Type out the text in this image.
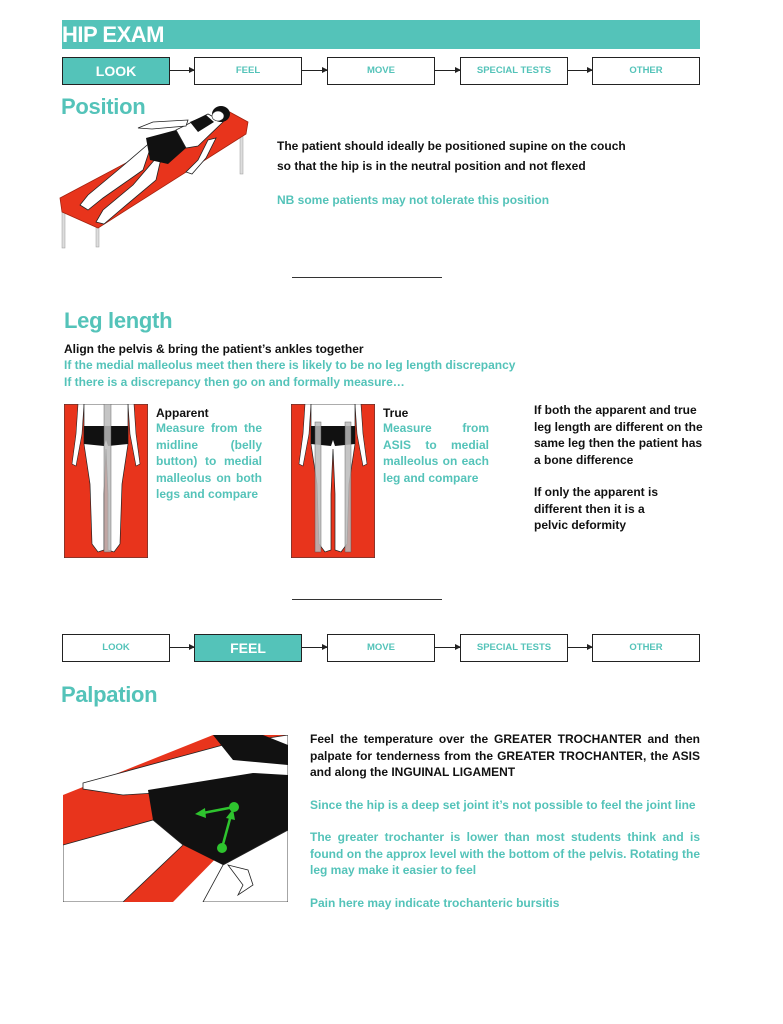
HIP EXAM
LOOK	FEEL	MOVE	SPECIAL TESTS	OTHER
Position
The patient should ideally be positioned supine on the couch
so that the hip is in the neutral position and not flexed
NB some patients may not tolerate this position
Leg length
Align the pelvis & bring the patient’s ankles together
If the medial malleolus meet then there is likely to be no leg length discrepancy
If there is a discrepancy then go on and formally measure…
Apparent
Measure from the midline (belly button) to medial malleolus on both legs and compare
True
Measure from ASIS to medial malleolus on each leg and compare
If both the apparent and true leg length are different on the same leg then the patient has a bone difference
If only the apparent is different then it is a pelvic deformity
LOOK	FEEL	MOVE	SPECIAL TESTS	OTHER
Palpation
Feel the temperature over the GREATER TROCHANTER and then palpate for tenderness from the GREATER TROCHANTER, the ASIS and along the INGUINAL LIGAMENT
Since the hip is a deep set joint it’s not possible to feel the joint line
The greater trochanter is lower than most students think and is found on the approx level with the bottom of the pelvis. Rotating the leg may make it easier to feel
Pain here may indicate trochanteric bursitis
